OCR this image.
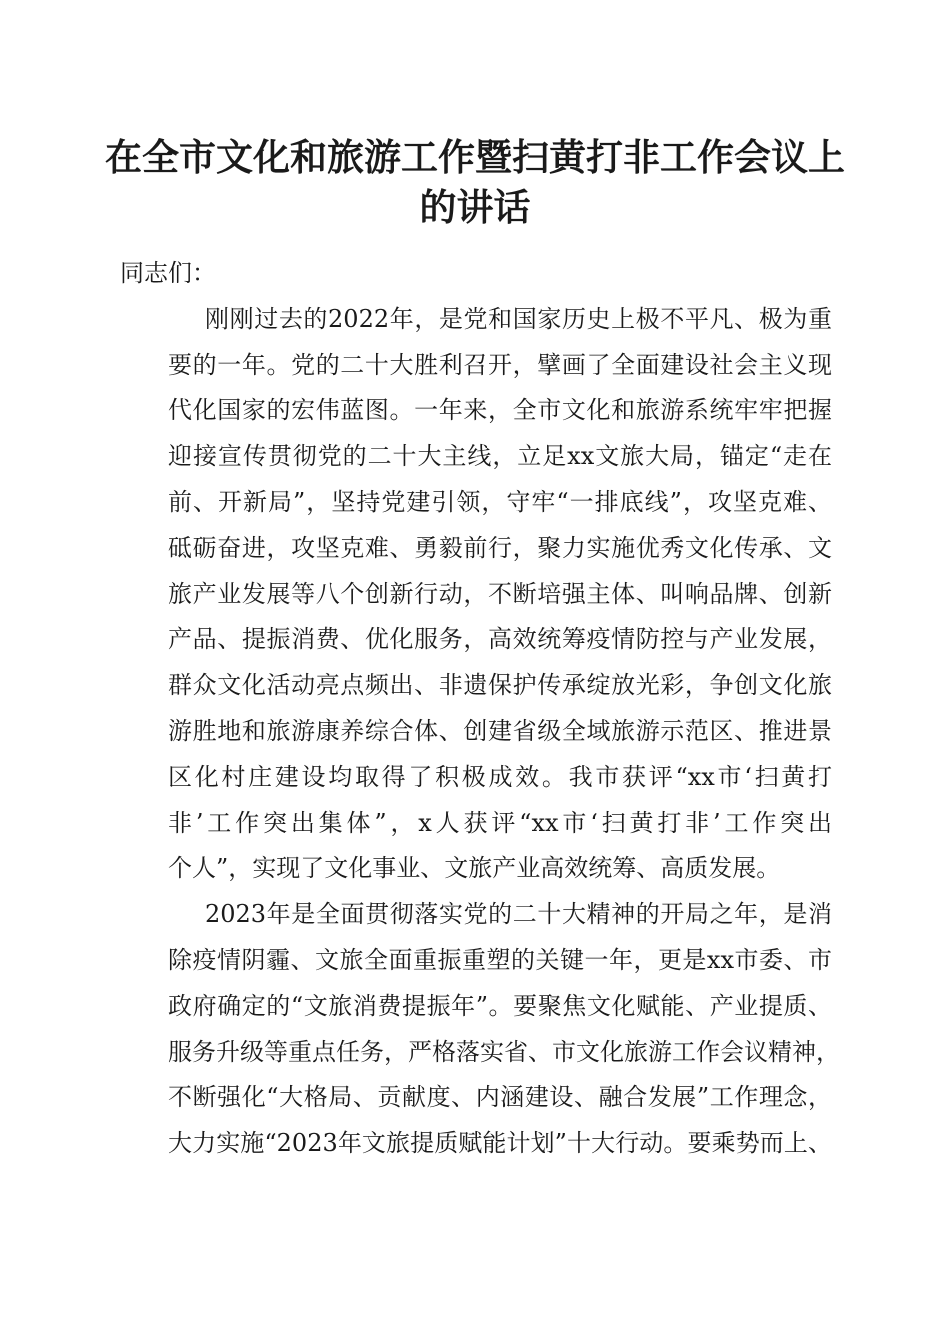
在全市文化和旅游工作暨扫黄打非工作会议上
的讲话
同志们：
刚刚过去的2022年，是党和国家历史上极不平凡、极为重
要的一年。党的二十大胜利召开，擘画了全面建设社会主义现
代化国家的宏伟蓝图。一年来，全市文化和旅游系统牢牢把握
迎接宣传贯彻党的二十大主线，立足xx文旅大局，锚定“走在
前、开新局”，坚持党建引领，守牢“一排底线”，攻坚克难、
砥砺奋进，攻坚克难、勇毅前行，聚力实施优秀文化传承、文
旅产业发展等八个创新行动，不断培强主体、叫响品牌、创新
产品、提振消费、优化服务，高效统筹疫情防控与产业发展，
群众文化活动亮点频出、非遗保护传承绽放光彩，争创文化旅
游胜地和旅游康养综合体、创建省级全域旅游示范区、推进景
区化村庄建设均取得了积极成效。我市获评“xx市‘扫黄打
非’工作突出集体”，x人获评“xx市‘扫黄打非’工作突出
个人”，实现了文化事业、文旅产业高效统筹、高质发展。
2023年是全面贯彻落实党的二十大精神的开局之年，是消
除疫情阴霾、文旅全面重振重塑的关键一年，更是xx市委、市
政府确定的“文旅消费提振年”。要聚焦文化赋能、产业提质、
服务升级等重点任务，严格落实省、市文化旅游工作会议精神，
不断强化“大格局、贡献度、内涵建设、融合发展”工作理念，
大力实施“2023年文旅提质赋能计划”十大行动。要乘势而上、
